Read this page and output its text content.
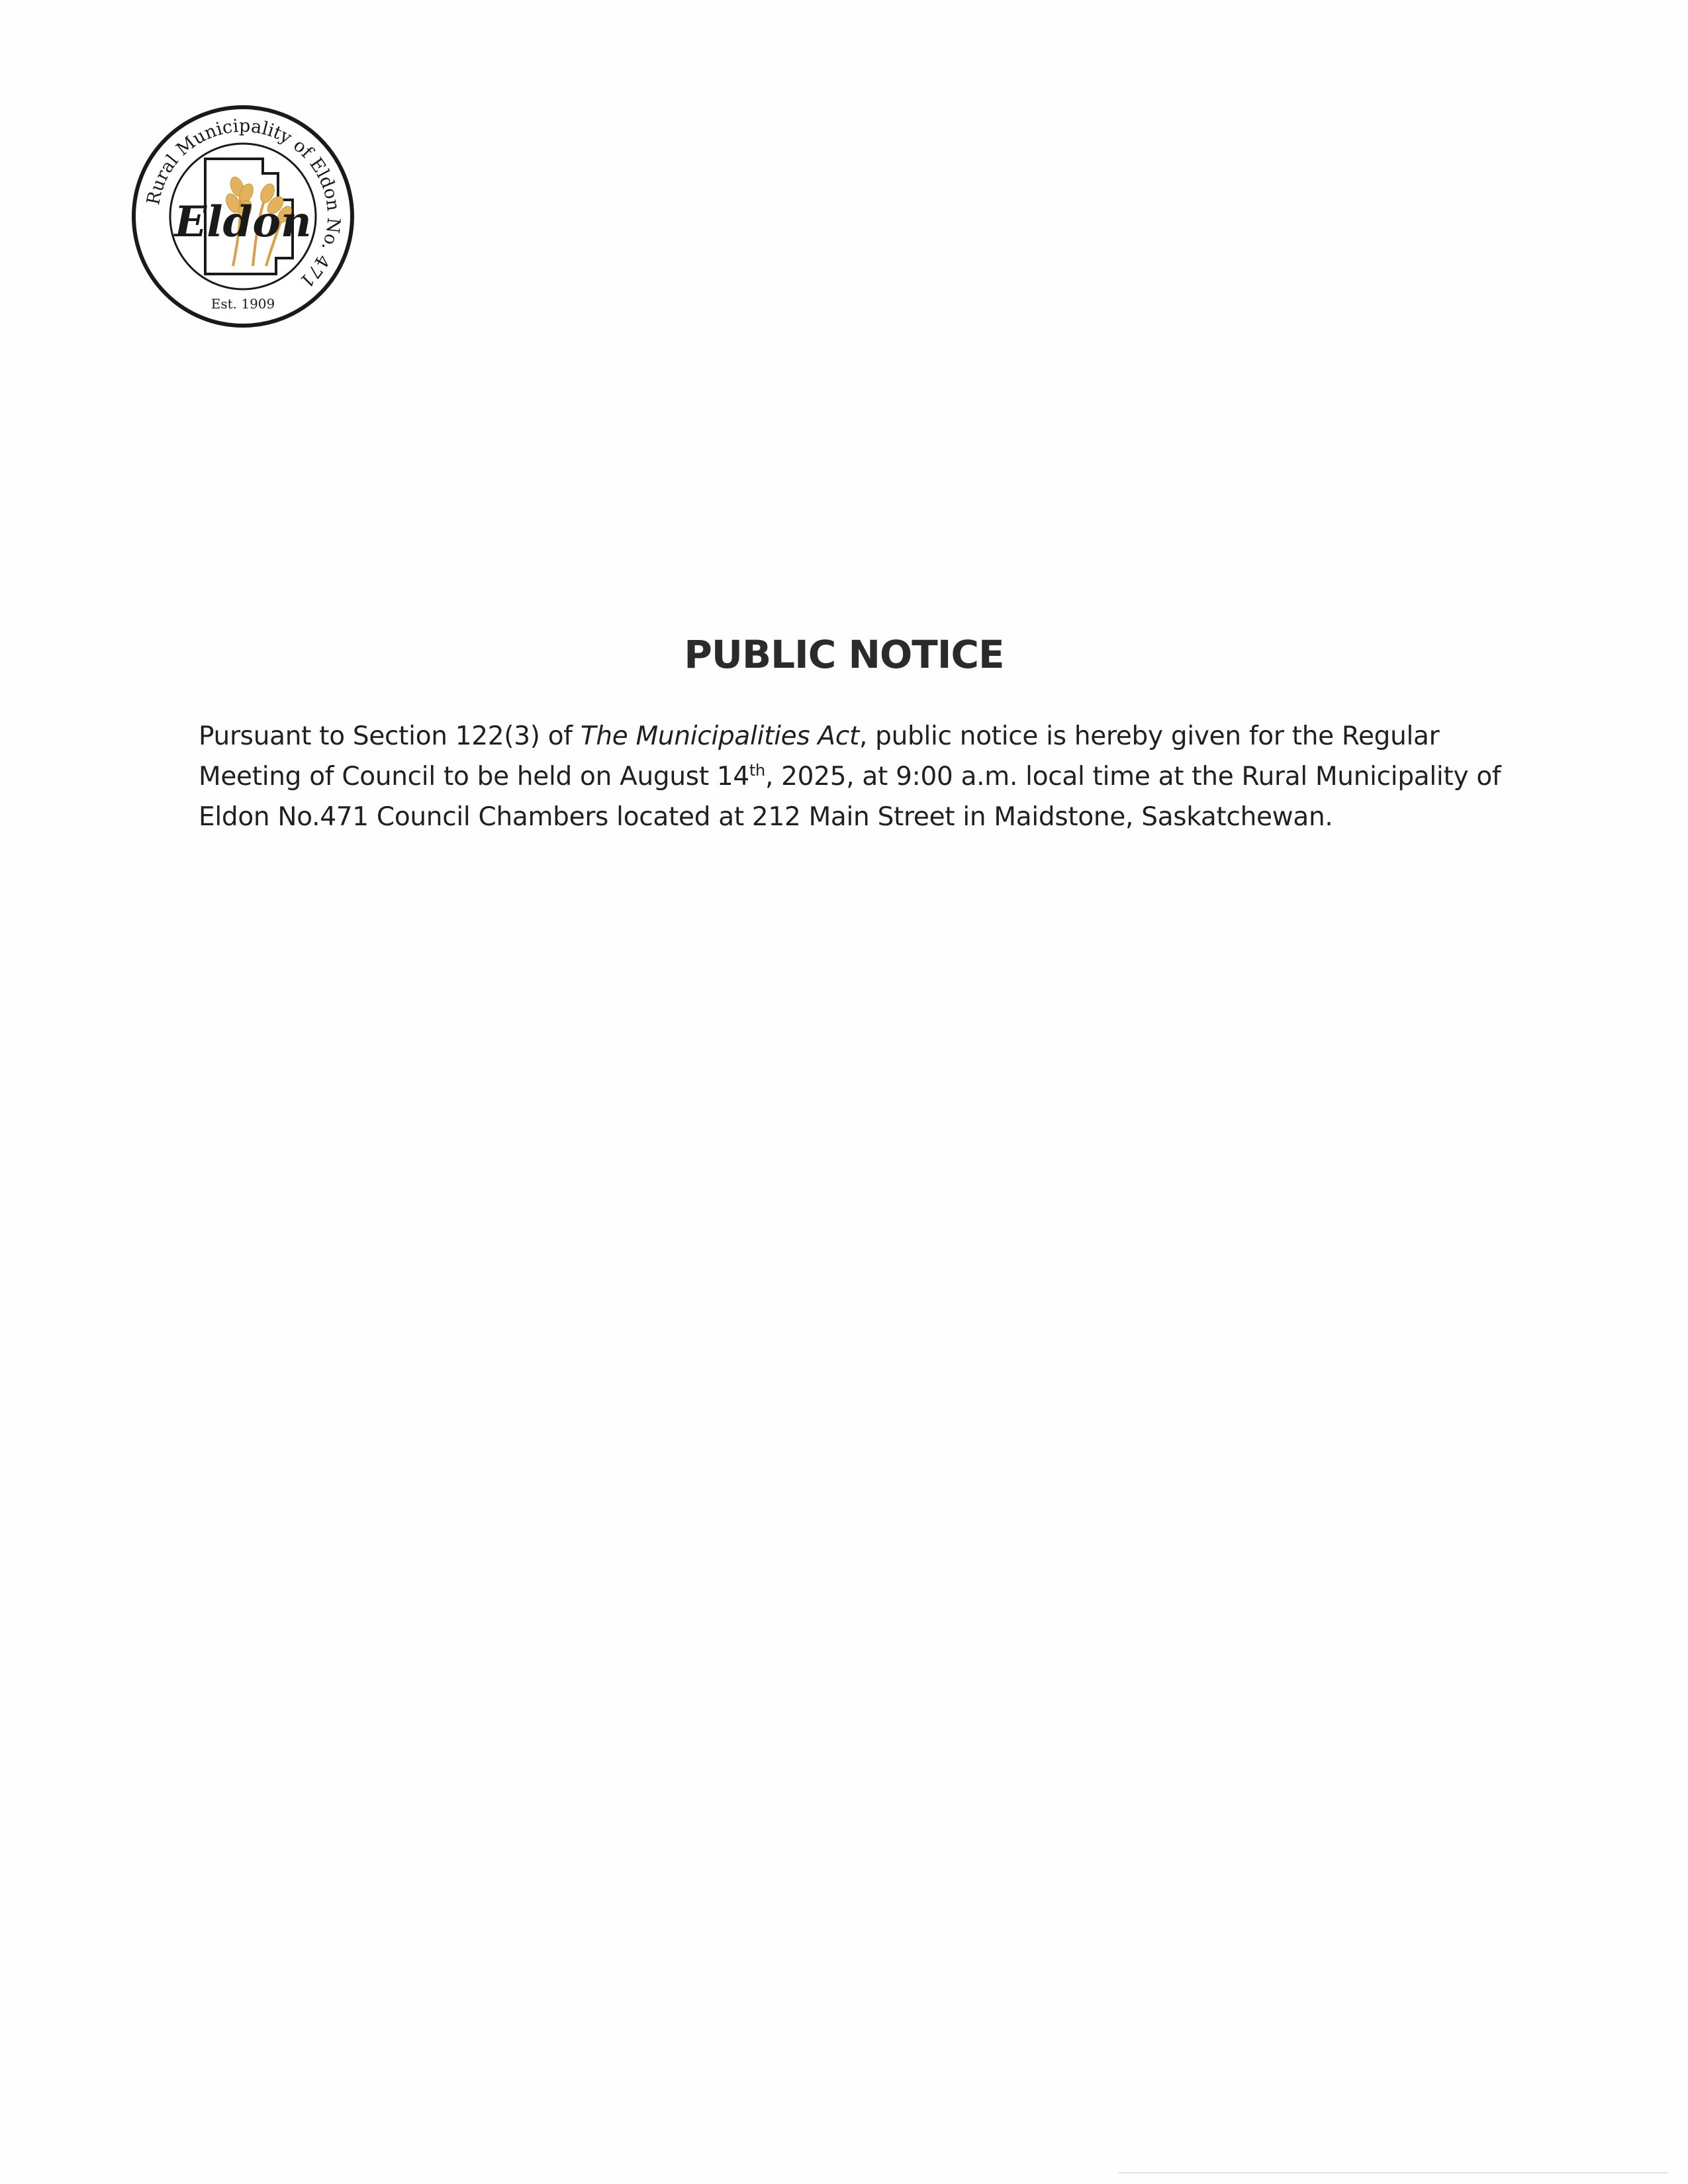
Rural Municipality of Eldon No. 471
Eldon
Est. 1909
PUBLIC NOTICE

Pursuant to Section 122(3) of The Municipalities Act, public notice is hereby given for the Regular
Meeting of Council to be held on August 14th, 2025, at 9:00 a.m. local time at the Rural Municipality of
Eldon No.471 Council Chambers located at 212 Main Street in Maidstone, Saskatchewan.
